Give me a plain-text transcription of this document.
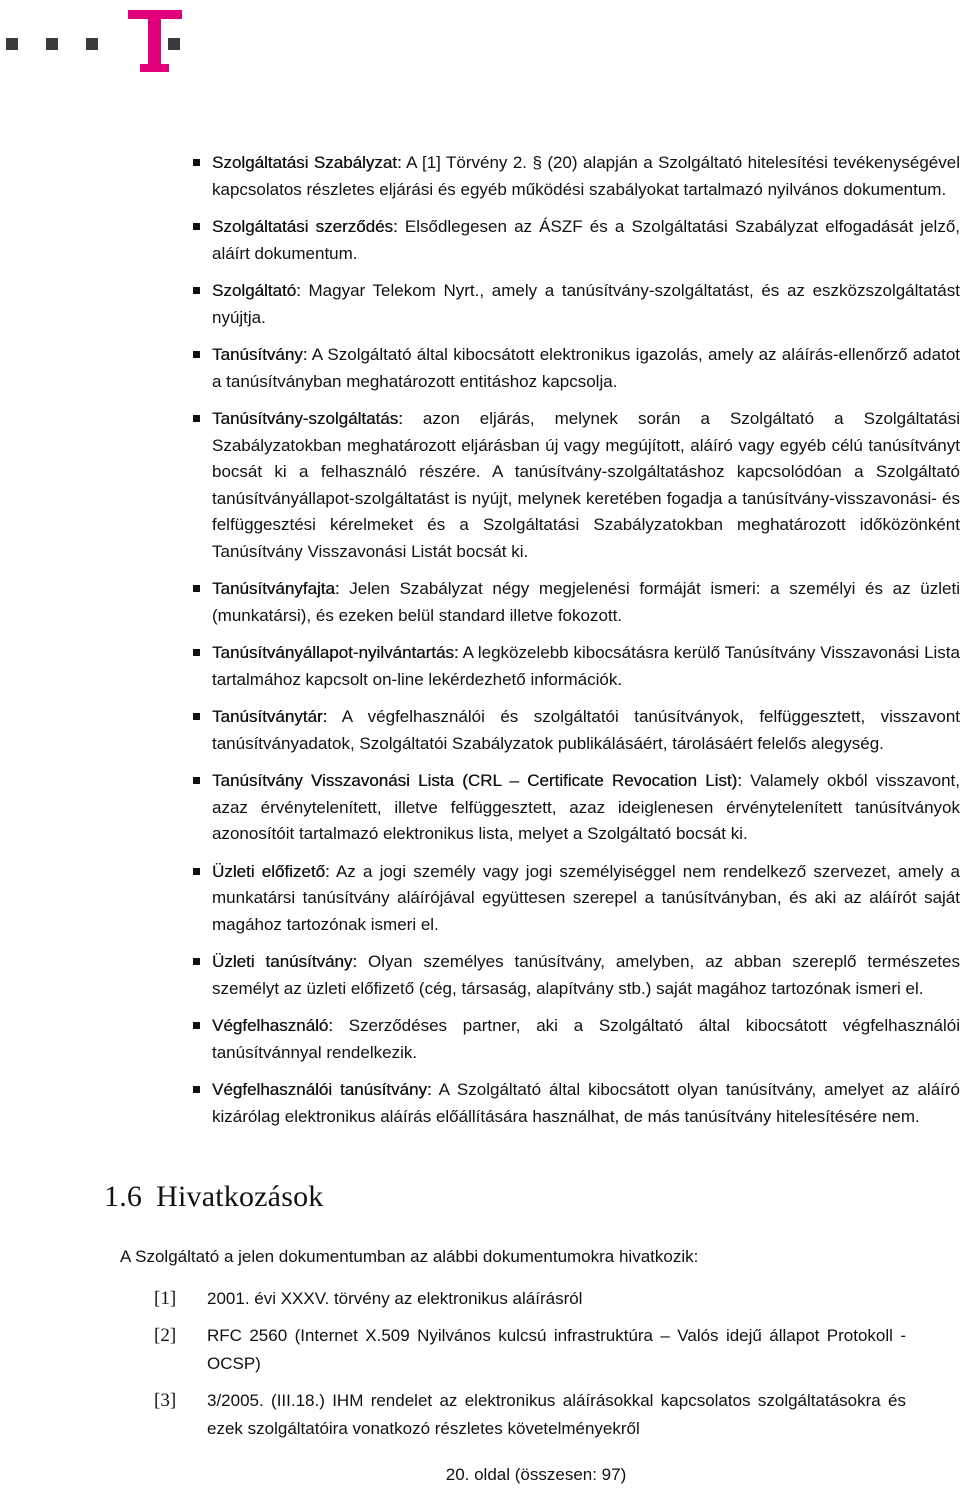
Szolgáltatási Szabályzat: A [1] Törvény 2. § (20) alapján a Szolgáltató hitelesítési tevékenységével kapcsolatos részletes eljárási és egyéb működési szabályokat tartalmazó nyilvános dokumentum.
Szolgáltatási szerződés: Elsődlegesen az ÁSZF és a Szolgáltatási Szabályzat elfogadását jelző, aláírt dokumentum.
Szolgáltató: Magyar Telekom Nyrt., amely a tanúsítvány-szolgáltatást, és az eszközszolgáltatást nyújtja.
Tanúsítvány: A Szolgáltató által kibocsátott elektronikus igazolás, amely az aláírás-ellenőrző adatot a tanúsítványban meghatározott entitáshoz kapcsolja.
Tanúsítvány-szolgáltatás: azon eljárás, melynek során a Szolgáltató a Szolgáltatási Szabályzatokban meghatározott eljárásban új vagy megújított, aláíró vagy egyéb célú tanúsítványt bocsát ki a felhasználó részére. A tanúsítvány-szolgáltatáshoz kapcsolódóan a Szolgáltató tanúsítványállapot-szolgáltatást is nyújt, melynek keretében fogadja a tanúsítvány-visszavonási- és felfüggesztési kérelmeket és a Szolgáltatási Szabályzatokban meghatározott időközönként Tanúsítvány Visszavonási Listát bocsát ki.
Tanúsítványfajta: Jelen Szabályzat négy megjelenési formáját ismeri: a személyi és az üzleti (munkatársi), és ezeken belül standard illetve fokozott.
Tanúsítványállapot-nyilvántartás: A legközelebb kibocsátásra kerülő Tanúsítvány Visszavonási Lista tartalmához kapcsolt on-line lekérdezhető információk.
Tanúsítványtár: A végfelhasználói és szolgáltatói tanúsítványok, felfüggesztett, visszavont tanúsítványadatok, Szolgáltatói Szabályzatok publikálásáért, tárolásáért felelős alegység.
Tanúsítvány Visszavonási Lista (CRL – Certificate Revocation List): Valamely okból visszavont, azaz érvénytelenített, illetve felfüggesztett, azaz ideiglenesen érvénytelenített tanúsítványok azonosítóit tartalmazó elektronikus lista, melyet a Szolgáltató bocsát ki.
Üzleti előfizető: Az a jogi személy vagy jogi személyiséggel nem rendelkező szervezet, amely a munkatársi tanúsítvány aláírójával együttesen szerepel a tanúsítványban, és aki az aláírót saját magához tartozónak ismeri el.
Üzleti tanúsítvány: Olyan személyes tanúsítvány, amelyben, az abban szereplő természetes személyt az üzleti előfizető (cég, társaság, alapítvány stb.) saját magához tartozónak ismeri el.
Végfelhasználó: Szerződéses partner, aki a Szolgáltató által kibocsátott végfelhasználói tanúsítvánnyal rendelkezik.
Végfelhasználói tanúsítvány: A Szolgáltató által kibocsátott olyan tanúsítvány, amelyet az aláíró kizárólag elektronikus aláírás előállítására használhat, de más tanúsítvány hitelesítésére nem.
1.6 Hivatkozások

A Szolgáltató a jelen dokumentumban az alábbi dokumentumokra hivatkozik:

[1] 2001. évi XXXV. törvény az elektronikus aláírásról
[2] RFC 2560 (Internet X.509 Nyilvános kulcsú infrastruktúra – Valós idejű állapot Protokoll - OCSP)
[3] 3/2005. (III.18.) IHM rendelet az elektronikus aláírásokkal kapcsolatos szolgáltatásokra és ezek szolgáltatóira vonatkozó részletes követelményekről
20. oldal (összesen: 97)
